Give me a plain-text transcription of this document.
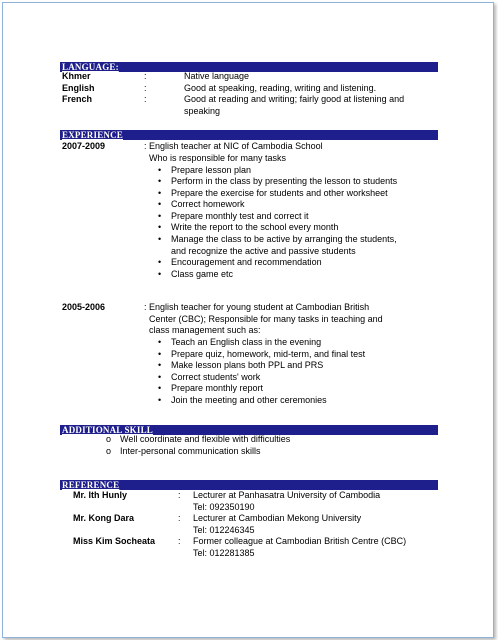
LANGUAGE:
Khmer	:	Native language
English	:	Good at speaking, reading, writing and listening.
French	:	Good at reading and writing; fairly good at listening and
speaking
EXPERIENCE
2007-2009	: English teacher at NIC of Cambodia School
Who is responsible for many tasks
• Prepare lesson plan
• Perform in the class by presenting the lesson to students
• Prepare the exercise for students and other worksheet
• Correct homework
• Prepare monthly test and correct it
• Write the report to the school every month
• Manage the class to be active by arranging the students,
and recognize the active and passive students
• Encouragement and recommendation
• Class game etc
2005-2006	: English teacher for young student at Cambodian British
Center (CBC); Responsible for many tasks in teaching and
class management such as:
• Teach an English class in the evening
• Prepare quiz, homework, mid-term, and final test
• Make lesson plans both PPL and PRS
• Correct students' work
• Prepare monthly report
• Join the meeting and other ceremonies
ADDITIONAL SKILL
o Well coordinate and flexible with difficulties
o Inter-personal communication skills
REFERENCE
Mr. Ith Hunly	: Lecturer at Panhasatra University of Cambodia
Tel: 092350190
Mr. Kong Dara	: Lecturer at Cambodian Mekong University
Tel: 012246345
Miss Kim Socheata	: Former colleague at Cambodian British Centre (CBC)
Tel: 012281385
